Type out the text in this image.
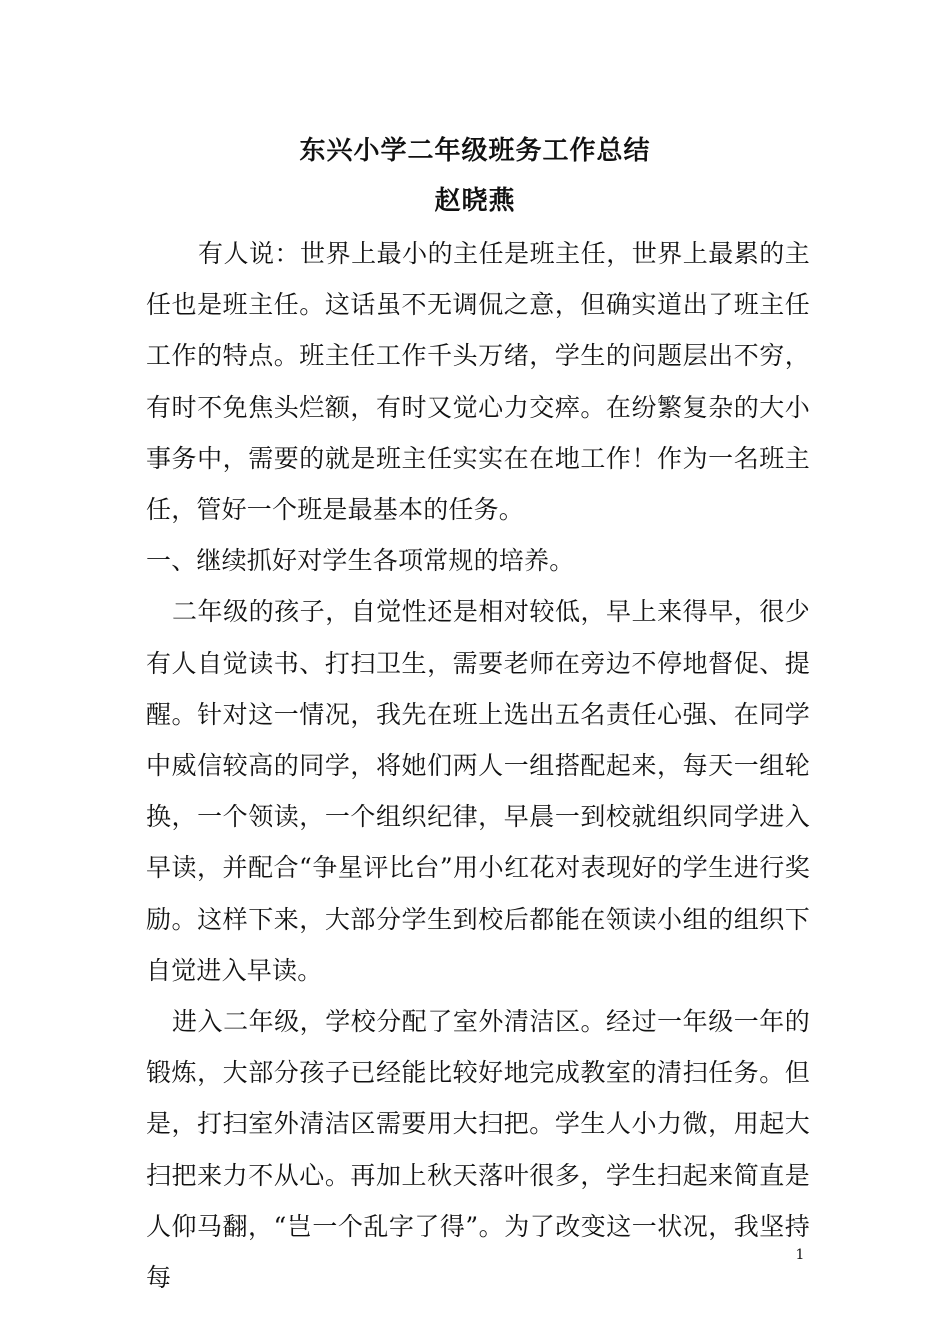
东兴小学二年级班务工作总结
赵晓燕

有人说：世界上最小的主任是班主任，世界上最累的主任也是班主任。这话虽不无调侃之意，但确实道出了班主任工作的特点。班主任工作千头万绪，学生的问题层出不穷，有时不免焦头烂额，有时又觉心力交瘁。在纷繁复杂的大小事务中，需要的就是班主任实实在在地工作！作为一名班主任，管好一个班是最基本的任务。

一、继续抓好对学生各项常规的培养。

二年级的孩子，自觉性还是相对较低，早上来得早，很少有人自觉读书、打扫卫生，需要老师在旁边不停地督促、提醒。针对这一情况，我先在班上选出五名责任心强、在同学中威信较高的同学，将她们两人一组搭配起来，每天一组轮换，一个领读，一个组织纪律，早晨一到校就组织同学进入早读，并配合“争星评比台”用小红花对表现好的学生进行奖励。这样下来，大部分学生到校后都能在领读小组的组织下自觉进入早读。

进入二年级，学校分配了室外清洁区。经过一年级一年的锻炼，大部分孩子已经能比较好地完成教室的清扫任务。但是，打扫室外清洁区需要用大扫把。学生人小力微，用起大扫把来力不从心。再加上秋天落叶很多，学生扫起来简直是人仰马翻，“岂一个乱字了得”。为了改变这一状况，我坚持每

1
